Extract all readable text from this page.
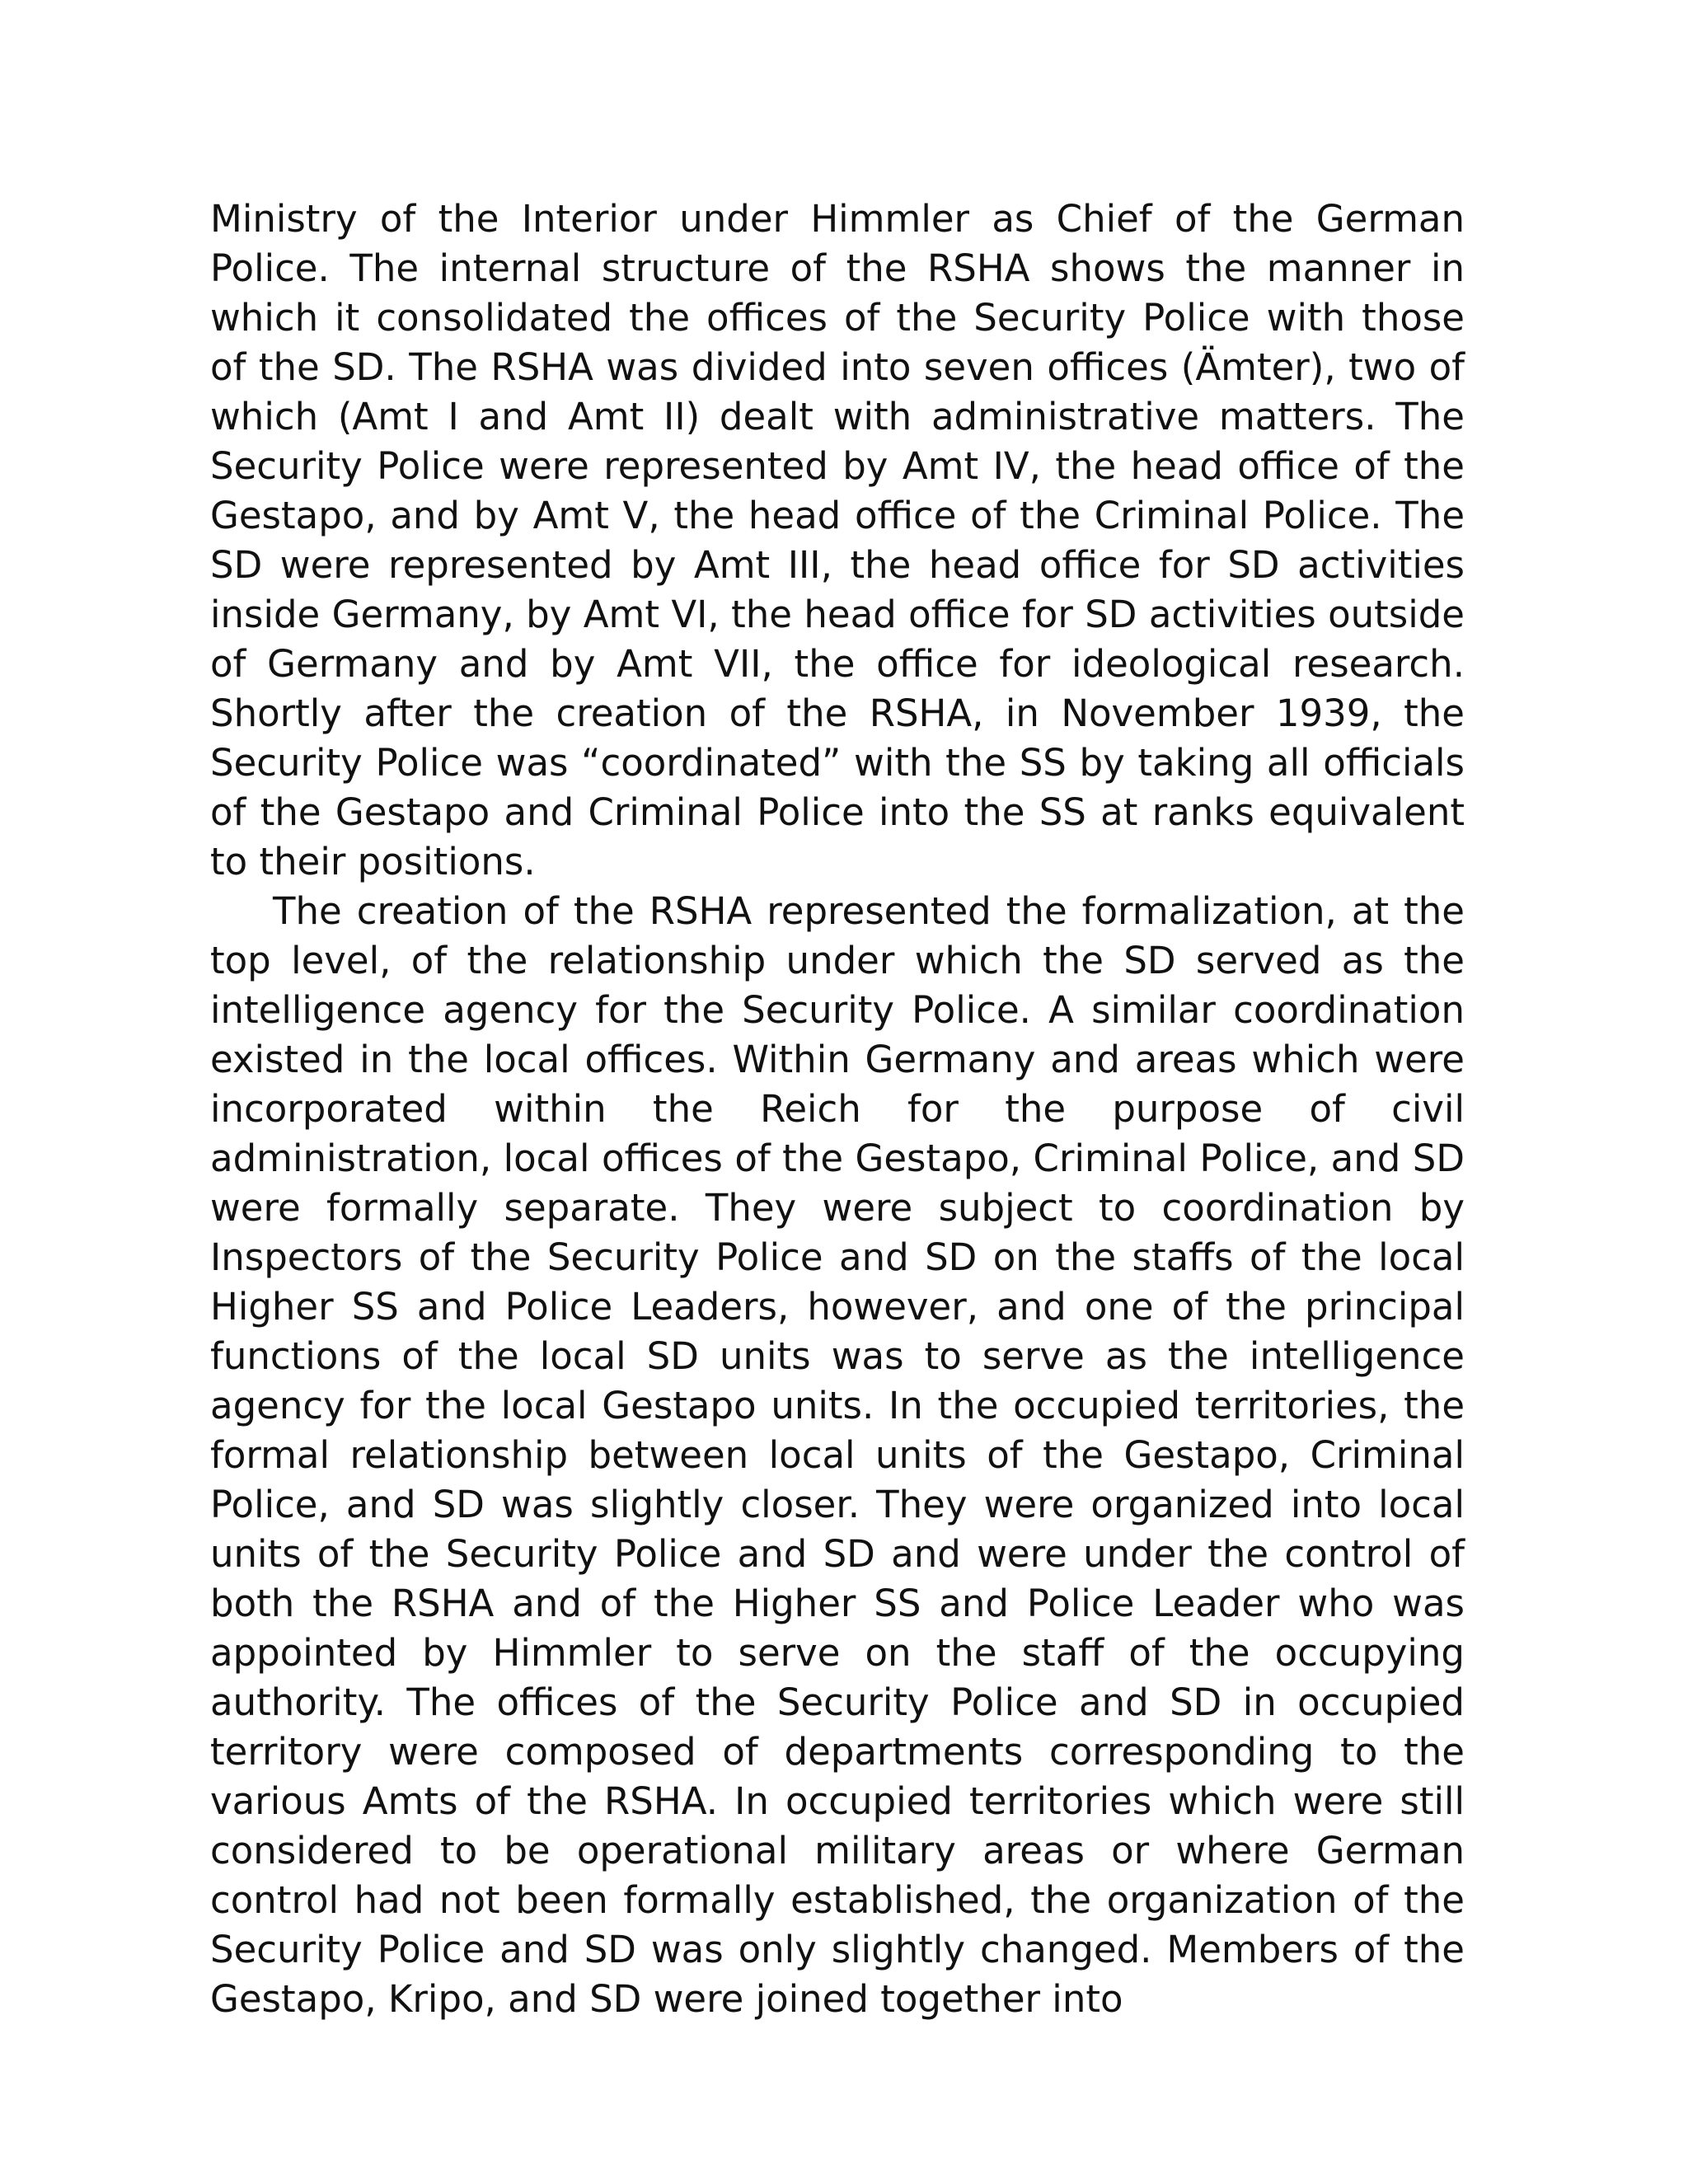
Ministry of the Interior under Himmler as Chief of the German Police. The internal structure of the RSHA shows the manner in which it consolidated the offices of the Security Police with those of the SD. The RSHA was divided into seven offices (Ämter), two of which (Amt I and Amt II) dealt with administrative matters. The Security Police were represented by Amt IV, the head office of the Gestapo, and by Amt V, the head office of the Criminal Police. The SD were represented by Amt III, the head office for SD activities inside Germany, by Amt VI, the head office for SD activities outside of Germany and by Amt VII, the office for ideological research. Shortly after the creation of the RSHA, in November 1939, the Security Police was “coordinated” with the SS by taking all officials of the Gestapo and Criminal Police into the SS at ranks equivalent to their positions.

The creation of the RSHA represented the formalization, at the top level, of the relationship under which the SD served as the intelligence agency for the Security Police. A similar coordination existed in the local offices. Within Germany and areas which were incorporated within the Reich for the purpose of civil administration, local offices of the Gestapo, Criminal Police, and SD were formally separate. They were subject to coordination by Inspectors of the Security Police and SD on the staffs of the local Higher SS and Police Leaders, however, and one of the principal functions of the local SD units was to serve as the intelligence agency for the local Gestapo units. In the occupied territories, the formal relationship between local units of the Gestapo, Criminal Police, and SD was slightly closer. They were organized into local units of the Security Police and SD and were under the control of both the RSHA and of the Higher SS and Police Leader who was appointed by Himmler to serve on the staff of the occupying authority. The offices of the Security Police and SD in occupied territory were composed of departments corresponding to the various Amts of the RSHA. In occupied territories which were still considered to be operational military areas or where German control had not been formally established, the organization of the Security Police and SD was only slightly changed. Members of the Gestapo, Kripo, and SD were joined together into
